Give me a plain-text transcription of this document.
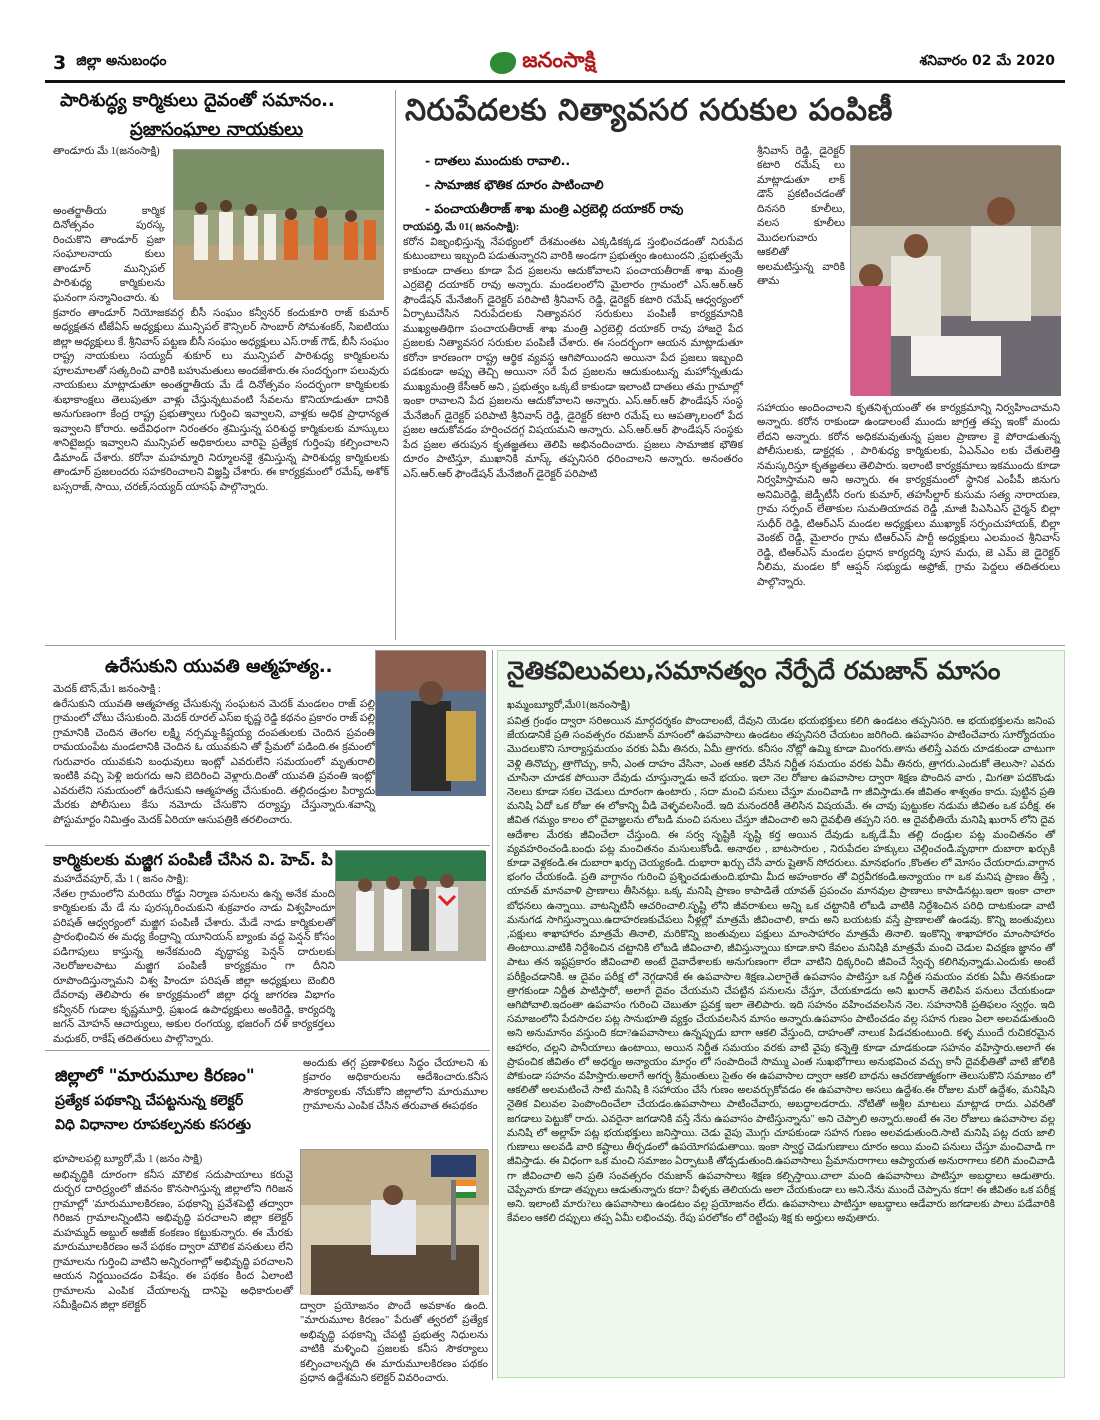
3 జిల్లా అనుబంధం	జనంసాక్షి	శనివారం 02 మే 2020
పారిశుద్ధ్య కార్మికులు దైవంతో సమానం..
ప్రజాసంఘాల నాయకులు
తాండూరు మే 1(జనంసాక్షి)
అంతర్జాతీయ కార్మిక దినోత్సవం పురస్క రించుకొని తాండూర్ ప్రజా సంఘాలనాయ కులు తాండూర్ మున్సిపల్ పారిశుధ్య కార్మికులను ఘనంగా సన్మానించారు. శు
క్రవారం తాండూర్ నియోజకవర్గ బీసీ సంఘం కన్వీనర్ కందుకూరి రాజ్ కుమార్ అధ్యక్షతన టీజేఏస్ అధ్యక్షులు మున్సిపల్ కౌన్సిలర్ సాంబార్ సోమశంకర్, సిఐటియు జిల్లా అధ్యక్షులు కే. శ్రీనివాస్ పట్టణ బీసీ సంఘం అధ్యక్షులు ఎస్.రాజ్ గౌడ్, బీసీ సంఘం రాష్ట్ర నాయకులు సయ్యద్ శుకూర్ లు మున్సిపల్ పారిశుధ్య కార్మికులను పూలమాలతో సత్కరించి వారికి బహుమతులు అందజేశారు.ఈ సందర్భంగా పలువురు నాయకులు మాట్లాడుతూ అంతర్జాతీయ మే డే దినోత్సవం సందర్భంగా కార్మికులకు శుభాకాంక్షలు తెలుపుతూ వాళ్లు చేస్తున్నటువంటి సేవలను కొనియాడుతూ దానికి అనుగుణంగా కేంద్ర రాష్ట్ర ప్రభుత్వాలు గుర్తించి ఇవ్వాలని, వాళ్లకు అధిక ప్రాధాన్యత ఇవ్వాలని కోరారు. అదేవిధంగా నిరంతరం శ్రమిస్తున్న పరిశుద్ధ కార్మికులకు మాస్కులు శానిటైజర్లు ఇవ్వాలని మున్సిపల్ అధికారులు వారిపై ప్రత్యేక గుర్తింపు కల్పించాలని డిమాండ్ చేశారు. కరోనా మహమ్మారి నిర్మూలనకై శ్రమిస్తున్న పారిశుధ్య కార్మికులకు తాండూర్ ప్రజలందరు సహకరించాలని విజ్ఞప్తి చేశారు. ఈ కార్యక్రమంలో రమేష్, అశోక్ బస్సరాజ్, సాయి, చరణ్,సయ్యద్ యాసఫ్ పాల్గొన్నారు.
నిరుపేదలకు నిత్యావసర సరుకుల పంపిణీ
- దాతలు ముందుకు రావాలి..
- సామాజిక భౌతిక దూరం పాటించాలి
- పంచాయతీరాజ్ శాఖ మంత్రి ఎర్రబెల్లి దయాకర్ రావు
రాయపర్తి, మే 01( జనంసాక్షి):
కరోన విజృంభిస్తున్న నేపథ్యంలో దేశమంతట ఎక్కడికక్కడ స్తంభించడంతో నిరుపేద కుటుంబాలు ఇబ్బంది పడుతున్నారని వారికి అండగా ప్రభుత్వం ఉంటుందని ,ప్రభుత్వమే కాకుండా దాతలు కూడా పేద ప్రజలను ఆదుకోవాలని పంచాయతీరాజ్ శాఖ మంత్రి ఎర్రబెల్లి దయాకర్ రావు అన్నారు. మండలంలోని మైలారం గ్రామంలో ఎస్.ఆర్.ఆర్ ఫౌండేషన్ మేనేజింగ్ డైరెక్టర్ పరిపాటి శ్రీనివాస్ రెడ్డి, డైరెక్టర్ కటారి రమేష్ ఆధ్వర్యంలో ఏర్పాటుచేసిన నిరుపేదలకు నిత్యావసర సరుకులు పంపిణీ కార్యక్రమానికి ముఖ్యఅతిథిగా పంచాయతీరాజ్ శాఖ మంత్రి ఎర్రబెల్లి దయాకర్ రావు హాజరై పేద ప్రజలకు నిత్యావసర సరుకుల పంపిణీ చేశారు. ఈ సందర్భంగా ఆయన మాట్లాడుతూ కరోనా కారణంగా రాష్ట్ర ఆర్థిక వ్యవస్థ ఆగిపోయిందని అయినా పేద ప్రజలు ఇబ్బంది పడకుండా అప్పు తెచ్చి అయినా సరే పేద ప్రజలను ఆదుకుంటున్న మహోన్నతుడు ముఖ్యమంత్రి కేసీఆర్ అని , ప్రభుత్వం ఒక్కటే కాకుండా ఇలాంటి దాతలు తమ గ్రామాల్లో ఇంకా రావాలని పేద ప్రజలను ఆదుకోవాలని అన్నారు. ఎస్.ఆర్.ఆర్ ఫౌండేషన్ సంస్థ మేనేజింగ్ డైరెక్టర్ పరిపాటి శ్రీనివాస్ రెడ్డి, డైరెక్టర్ కటారి రమేష్ లు ఆపత్కాలంలో పేద ప్రజల ఆదుకోవడం హర్షించదగ్గ విషయమని అన్నారు. ఎస్.ఆర్.ఆర్ ఫౌండేషన్ సంస్థకు పేద ప్రజల తరుపున కృతజ్ఞతలు తెలిపి అభినందించారు. ప్రజలు సామాజిక భౌతిక దూరం పాటిస్తూ, ముఖానికి మాస్క్ తప్పనిసరి ధరించాలని అన్నారు. అనంతరం ఎస్.ఆర్.ఆర్ ఫౌండేషన్ మేనేజింగ్ డైరెక్టర్ పరిపాటి
శ్రీనివాస్ రెడ్డి, డైరెక్టర్ కటారి రమేష్ లు మాట్లాడుతూ లాక్ డౌన్ ప్రకటించడంతో దినసరి కూలీలు, వలస కూలీలు మొదలగువారు ఆకలితో అలమటిస్తున్న వారికి తామ
సహాయం అందించాలని కృతనిశ్చయంతో ఈ కార్యక్రమాన్ని నిర్వహించామని అన్నారు. కరోన రాకుండా ఉండాలంటే ముందు జాగ్రత్త తప్ప ఇంకో మందు లేదని అన్నారు. కరోన అధికమవుతున్న ప్రజల ప్రాణాల కై పోరాడుతున్న పోలీసులకు, డాక్టర్లకు , పారిశుధ్య కార్మికులకు, ఏఎన్ఎం లకు చేతులెత్తి నమస్కరిస్తూ కృతజ్ఞతలు తెలిపారు. ఇలాంటి కార్యక్రమాలు ఇకముందు కూడా నిర్వహిస్తామని అని అన్నారు. ఈ కార్యక్రమంలో స్థానిక ఎంపీపీ జినుగు అనిమిరెడ్డి, జెడ్పీటీసీ రంగు కుమార్, తహసీల్దార్ కుసుమ సత్య నారాయణ, గ్రామ సర్పంచ్ లేతాకుల సుమతియాదవ రెడ్డి ,మాజీ పిఎసిఎస్ చైర్మన్ బిల్లా సుధీర్ రెడ్డి, టిఆర్ఎస్ మండల అధ్యక్షులు ముఖ్యాక్ సర్పంచుహాయక్, బిల్లా వెంకట్ రెడ్డి, మైలారం గ్రామ టిఆర్ఎస్ పార్టీ అధ్యక్షులు ఎలమంచ శ్రీనివాస్ రెడ్డి, టిఆర్ఎస్ మండల ప్రధాన కార్యదర్శి పూస మధు, జె ఎమ్ జె డైరెక్టర్ నీలిమ, మండల కో ఆప్షన్ సభ్యుడు అఫ్రోజ్, గ్రామ పెద్దలు తదితరులు పాల్గొన్నారు.
ఉరేసుకుని యువతి ఆత్మహత్య..
మెదక్ టౌన్,మే1 జనంసాక్షి :
ఉరేసుకుని యువతి ఆత్మహత్య చేసుకున్న సంఘటన మెదక్ మండలం రాజ్ పల్లి గ్రామంలో చోటు చేసుకుంది. మెదక్ రూరల్ ఎస్ఐ కృష్ణ రెడ్డి కథనం ప్రకారం రాజ్ పల్లి గ్రామానికి చెందిన తెంగల లక్ష్మి నర్సమ్మ-కిష్టయ్య దంపతులకు చెందిన ప్రవంతి రామయంపేట మండలానికి చెందిన ఓ యువకుని తో ప్రేమలో పడింది.ఈ క్రమంలో గురువారం యువకుని బంధువులు ఇంట్లో ఎవరులేని సమయంలో మృతురాలి ఇంటికి వచ్చి పెళ్లి జరుగదు అని బెదిరించి వెళ్లారు.దింతో యువతి ప్రవంతి ఇంట్లో ఎవరులేని సమయంలో ఉరేసుకుని ఆత్మహత్య చేసుకుంది. తల్లిదండ్రుల పిర్యాదు మేరకు పోలీసులు కేసు నమోదు చేసుకొని దర్యాప్తు చేస్తున్నారు.శవాన్ని పోస్టుమార్టం నిమిత్తం మెదక్ ఏరియా ఆసుపత్రికి తరలించారు.
కార్మికులకు మజ్జిగ పంపిణీ చేసిన వి. హెచ్. పి
మహదేవపూర్, మే 1 ( జనం సాక్షి):
నేతల గ్రామంలోని మరియు రోడ్డు నిర్మాణ పనులను ఉన్న అనేక మంది కార్మికులకు మే డే ను పురస్కరించుకుని శుక్రవారం నాడు విశ్వహిందూ పరిషత్ ఆధ్వర్యంలో మజ్జిగ పంపిణీ చేశారు. మేడే నాడు కార్మికులతో ప్రారంభించిన ఈ మధ్య కేంద్రాన్ని యూనియన్ బ్యాంకు వద్ద పెన్షన్ కోసం పడిగాపులు కాస్తున్న అనేకమంది వృద్ధాప్య పెన్షన్ దారులకు నెలరోజులపాటు మజ్జిగ పంపిణీ కార్యక్రమం గా దీనిని రూపొందిస్తున్నామని విశ్వ హిందూ పరిషత్ జిల్లా అధ్యక్షులు బెంబిరి దేవరావు తెలిపారు ఈ కార్యక్రమంలో జిల్లా ధర్మ జాగరణ విభాగం కన్వీనర్ గుడాల కృష్ణమూర్తి, ప్రఖండ ఉపాధ్యక్షులు అంకిరెడ్డి, కార్యదర్శి జగన్ మోహన్ ఆచార్యులు, అకుల రంగయ్య, భజరంగ్ దళ్ కార్యకర్తలు మధుకర్, రాకేష్ తదితరులు పాల్గొన్నారు.
జిల్లాలో "మారుమూల కిరణం"
ప్రత్యేక పథకాన్ని చేపట్టనున్న కలెక్టర్
విధి విధానాల రూపకల్పనకు కసరత్తు
అందుకు తగ్గ ప్రణాళికలు సిద్ధం చేయాలని శు క్రవారం అధికారులను ఆదేశించారు.కనీస సౌకర్యాలకు నోచుకోని జిల్లాలోని మారుమూల గ్రామాలను ఎంపిక చేసిన తరువాత ఈపథకం
భూపాలపల్లి బ్యూరో,మే 1 (జనం సాక్షి)
అభివృద్ధికి దూరంగా కనీస మౌలిక సదుపాయాలు కరువై దుర్భర దారిద్ర్యంలో జీవనం కొనసాగిస్తున్న జిల్లాలోని గిరిజన గ్రామాల్లో 'మారుమూలకిరణం, పథకాన్ని ప్రవేశపెట్టి తద్వారా గిరిజన గ్రామాలన్నింటిని అభివృద్ధి పరచాలని జిల్లా కలెక్టర్ మహమ్మద్ అబ్దుల్ అజీజ్ కంకణం కట్టుకున్నారు. ఈ మేరకు మారుమూలకిరణం అనే పథకం ద్వారా మౌలిక వసతులు లేని గ్రామాలను గుర్తించి వాటిని అన్నిరంగాల్లో అభివృద్ధి పరచాలని ఆయన నిర్ణయించడం విశేషం. ఈ పథకం కింద ఏలాంటి గ్రామాలను ఎంపిక చేయాలన్న దానిపై అధికారులతో సమీక్షించిన జిల్లా కలెక్టర్	ద్వారా ప్రయోజనం పొందే అవకాశం ఉంది. "మారుమూల కిరణం" పేరుతో త్వరలో ప్రత్యేక అభివృద్ధి పథకాన్ని చేపట్టి ప్రభుత్వ నిధులను వాటికి మళ్ళించి ప్రజలకు కనీస సౌకర్యాలు కల్పించాలన్నది ఈ మారుమూలకిరణం పథకం ప్రధాన ఉద్దేశమని కలెక్టర్ వివరించారు.
నైతికవిలువలు,సమానత్వం నేర్పేదే రమజాన్ మాసం
ఖమ్మంబ్యూరో,మే01(జనంసాక్షి)
పవిత్ర గ్రంథం ద్వారా సరిఅయిన మార్గదర్శకం పొందాలంటే, దేవుని యెడల భయభక్తులు కలిగి ఉండటం తప్పనిసరి. ఆ భయభక్తులను జనింప జేయడానికే ప్రతి సంవత్సరం రమజాన్ మాసంలో ఉపవాసాలు ఉండటం తప్పనిసరి చేయటం జరిగింది. ఉపవాసం పాటించేవారు సూర్యోదయం మొదలుకొని సూర్యాస్తమయం వరకు ఏమీ తినరు, ఏమీ త్రాగరు. కనీసం నోట్లో ఉమ్మి కూడా మింగరు.తాను తలిస్తే ఎవరు చూడకుండా చాటుగా వెళ్లి తినొచ్చు, త్రాగొచ్చు, కానీ, ఎంత దాహం వేసినా, ఎంత ఆకలి వేసిన నిర్ణీత సమయం వరకు ఏమీ తినరు, త్రాగరు.ఎందుకో తెలుసా? ఎవరు చూసినా చూడక పోయినా దేవుడు చూస్తున్నాడు అనే భయం. ఇలా నెల రోజుల ఉపవాసాల ద్వారా శిక్షణ పొందిన వారు , మిగతా పదకొండు నెలలు కూడా సకల చెడులు దూరంగా ఉంటారు , సదా మంచి పనులు చేస్తూ మంచివాడి గా జీవిస్తాడు.ఈ జీవితం శాశ్వతం కాదు. పుట్టిన ప్రతి మనిషి ఏదో ఒక రోజు ఈ లోకాన్ని వీడి వెళ్ళవలసిందే. ఇది మనందరికీ తెలిసిన విషయమే. ఈ చావు పుట్టుకల నడుమ జీవితం ఒక పరీక్ష. ఈ జీవిత గమ్యం కాలం లో దైవాజ్ఞలను లోబడి మంచి పనులు చేస్తూ జీవించాలి అని దైవభీతి తప్పని సరి. ఆ దైవభీతియే మనిషి ఖురాన్ లోని దైవ ఆదేశాల మేరకు జీవించేలా చేస్తుంది. ఈ సర్వ సృష్టికి సృష్టి కర్త అయిన దేవుడు ఒక్కడే.మీ తల్లి దండ్రుల పట్ల మంచితనం తో వ్యవహరించండి.బంధు పట్ల మంచితనం మసులుకోండి. అనాథల , బాటసారుల , నిరుపేదల హక్కులు చెల్లించండి.వృథాగా దుబారా ఖర్చుకి కూడా వెళ్లకండి.ఈ దుబారా ఖర్చు చెయ్యకండి. దుభారా ఖర్చు చేసే వారు షైతాన్ సోదరులు. మానభంగం ,కొంతల లో మోసం చేయరాదు.వాగ్దాన భంగం చేయకండి. ప్రతి వాగ్దానం గురించి ప్రశ్నించడుతుంది.భూమి మీద అహంకారం తో విర్రవీగకండి.అన్యాయం గా ఒక మనిష ప్రాణం తీస్తే , యావత్ మానవాళి ప్రాణాలు తీసినట్లు. ఒక్క మనిషి ప్రాణం కాపాడితే యావత్ ప్రపంచం మానవుల ప్రాణాలు కాపాడినట్లు.ఇలా ఇంకా చాలా బోధనలు ఉన్నాయి. వాటన్నిటినీ ఆచరించాలి.సృష్టి లోని జీవరాశులు అన్ని ఒక చట్టానికి లోబడి వాటికి నిర్దేశించిన పరిధి దాటకుండా వాటి మనుగడ సాగిస్తున్నాయి.ఉదాహరణకుచేపలు నీళ్లల్లో మాత్రమే జీవించాలి, కాదు అని బయటకు వస్తే ప్రాణాలతో ఉండవు. కొన్ని జంతువులు ,పక్షులు శాఖాహారం మాత్రమే తినాలి, మరికొన్ని జంతువులు పక్షులు మాంసాహారం మాత్రమే తినాలి. ఇంకొన్ని శాఖాహారం మాంసాహారం తింటాయి.వాటికి నిర్దేశించిన చట్టానికి లోబడి జీవించాలి, జీవిస్తున్నాయి కూడా.కాని కేవలం మనిషికి మాత్రమే మంచి చెడుల విచక్షణ జ్ఞానం తో పాటు తన ఇష్టప్రకారం జీవించాలి అంటే దైవాదేశాలకు అనుగుణంగా లేదా వాటిని ధిక్కరించి జీవించే స్వేచ్ఛ కలిగివున్నాడు.ఎందుకు అంటే పరీక్షించడానికి. ఆ దైవం పరీక్ష లో నెగ్గడానికే ఈ ఉపవాసాల శిక్షణ.ఎలాగైతే ఉపవాసం పాటిస్తూ ఒక నిర్ణీత సమయం వరకు ఏమీ తినకుండా త్రాగకుండా నిర్ణీత పాటిస్తారో, అలాగే దైవం చేయమని చేపట్టిన పనులను చేస్తూ, చేయకూడదు అని ఖురాన్ తెలిపిన పనులు చేయకుండా ఆగిపోవాలి.ఇదంతా ఉపవాసం గురించి చెబుతూ ప్రవక్త ఇలా తెలిపారు. ఇది సహనం వహించవలసిన నెల. సహనానికి ప్రతిఫలం స్వర్గం. ఇది సమాజంలోని పేదసాదల పట్ల సానుభూతి వ్యక్తం చేయవలసిన మాసం అన్నారు.ఉపవాసం పాటించడం వల్ల సహన గుణం ఏలా అలవడుతుంది అని అనుమానం వస్తుంది కదా?ఉపవాసాలు ఉన్నప్పుడు బాగా ఆకలి వేస్తుంది, దాహంతో నాలుక పిడచకుంటుంది. కళ్ళ ముందే రుచికరమైన ఆహారం, చల్లని పానీయాలు ఉంటాయి, అయిన నిర్ణీత సమయం వరకు వాటి వైపు కన్నెత్తి కూడా చూడకుండా సహనం వహిస్తారు.అలాగే ఈ ప్రాపంచిక జీవితం లో అధర్మం అన్యాయం మార్గం లో సంపాదించే సొమ్ము ఎంత సుఖభోగాలు అనుభవించ వచ్చు కానీ దైవభీతితో వాటి జోలికి పోకుండా సహనం వహిస్తారు.అలాగే అగర్భ శ్రీమంతులు సైతం ఈ ఉపవాసాల ద్వారా ఆకలి బాధను ఆచరణాత్మకంగా తెలుసుకొని సమాజం లో ఆకలితో అలమటించే సాటి మనిషి కి సహాయం చేసే గుణం అలవర్చుకోవడం ఈ ఉపవాసాల అసలు ఉద్దేశం.ఈ రోజుల మరో ఉద్దేశం, మనిషిని నైతిక విలువల పెంపొందించేలా చేయడం.ఉపవాసాలు పాటించేవారు, అబద్ధాలడరాదు. నోటితో అశ్లీల మాటలు మాట్లాడ రాదు. ఎవరితో జగడాలు పెట్టుకో రాదు. ఎవరైనా జగడానికి వస్తే నేను ఉపవాసం పాటిస్తున్నాను" అని చెప్పాలి అన్నారు.అంటే ఈ నెల రోజులు ఉపవాసాల వల్ల మనిషి లో అల్లాహ్ పట్ల భయభక్తులు జనిస్తాయి. చెడు వైపు మొగ్గు చూపకుండా సహన గుణం అలవడుతుంది.సాటి మనిషి పట్ల దయ జాలి గుణాలు అలవడి వారి కష్టాలు తీర్చడంలో ఉపయోగపడుతాయి. ఇంకా స్వార్థ చెడుగుణాలు దూరం అయి మంచి పనులు చేస్తూ మంచివాడి గా జీవిస్తాడు. ఈ విధంగా ఒక మంచి సమాజం ఏర్పాటుకి తోడ్పడుతుంది.ఉపవాసాలు ప్రేమానురాగాలు ఆప్యాయత అనురాగాలు కలిగి మంచివాడి గా జీవించాలి అని ప్రతి సంవత్సరం రమజాన్ ఉపవాసాలు శిక్షణ కల్పిస్తాయి.చాలా మంది ఉపవాసాలు పాటిస్తూ అబద్ధాలు ఆడుతారు. చెప్పేవారు కూడా తప్పులు ఆడుతున్నారు కదా? వీళ్ళకు తెలియదు అలా చేయకుండా లు అని.నేను ముందే చెప్పాను కదా! ఈ జీవితం ఒక పరీక్ష అని. ఇలాంటి మారు?లు ఉపవాసాలు ఉండటం వల్ల ప్రయోజనం లేదు. ఉపవాసాలు పాటిస్తూ అబద్ధాలు ఆడేవారు జగడాలకు పాలు పడేవారికి కేవలం ఆకలి దప్పులు తప్ప ఏమీ లభించవు. రేపు పరలోకం లో రెట్టింపు శిక్ష కు అర్హులు అవుతారు.
